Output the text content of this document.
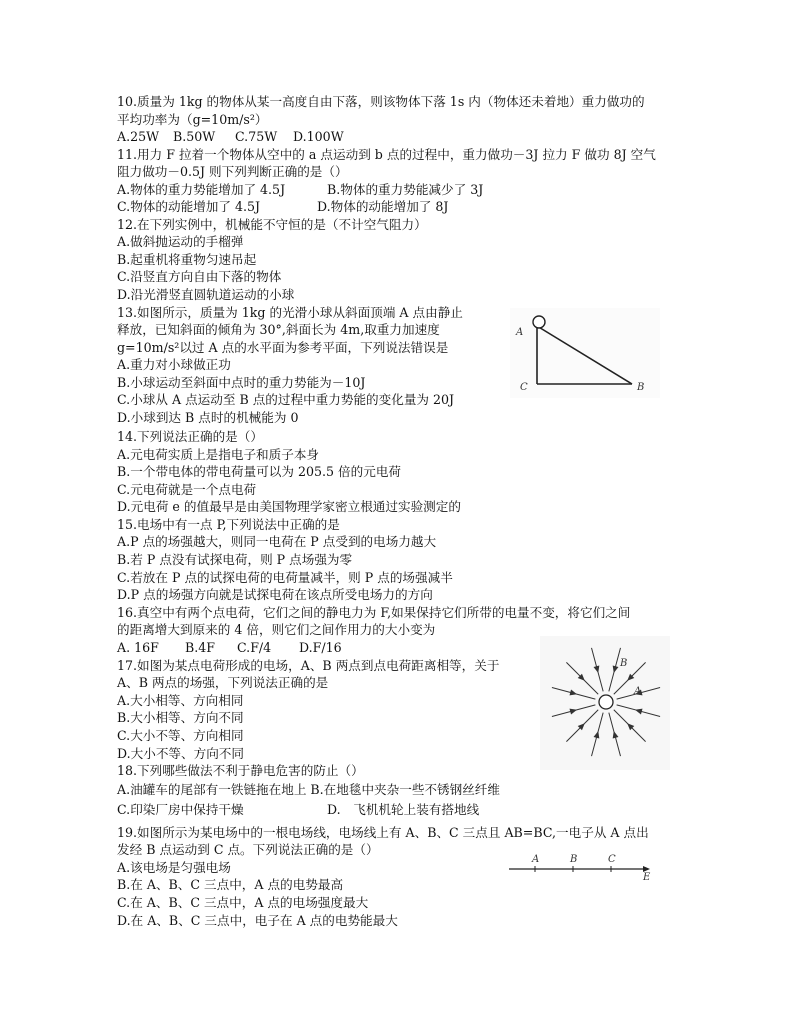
10.质量为 1kg 的物体从某一高度自由下落，则该物体下落 1s 内（物体还未着地）重力做功的
平均功率为（g=10m/s²）
A.25W B.50W C.75W D.100W
11.用力 F 拉着一个物体从空中的 a 点运动到 b 点的过程中，重力做功－3J 拉力 F 做功 8J 空气
阻力做功－0.5J 则下列判断正确的是（）
A.物体的重力势能增加了 4.5J	B.物体的重力势能减少了 3J
C.物体的动能增加了 4.5J	D.物体的动能增加了 8J
12.在下列实例中，机械能不守恒的是（不计空气阻力）
A.做斜抛运动的手榴弹
B.起重机将重物匀速吊起
C.沿竖直方向自由下落的物体
D.沿光滑竖直圆轨道运动的小球
13.如图所示，质量为 1kg 的光滑小球从斜面顶端 A 点由静止
释放，已知斜面的倾角为 30°,斜面长为 4m,取重力加速度
g=10m/s²以过 A 点的水平面为参考平面，下列说法错误是
A.重力对小球做正功
B.小球运动至斜面中点时的重力势能为－10J
C.小球从 A 点运动至 B 点的过程中重力势能的变化量为 20J
D.小球到达 B 点时的机械能为 0
A
C	B
14.下列说法正确的是（）
A.元电荷实质上是指电子和质子本身
B.一个带电体的带电荷量可以为 205.5 倍的元电荷
C.元电荷就是一个点电荷
D.元电荷 e 的值最早是由美国物理学家密立根通过实验测定的
15.电场中有一点 P,下列说法中正确的是
A.P 点的场强越大，则同一电荷在 P 点受到的电场力越大
B.若 P 点没有试探电荷，则 P 点场强为零
C.若放在 P 点的试探电荷的电荷量减半，则 P 点的场强减半
D.P 点的场强方向就是试探电荷在该点所受电场力的方向
16.真空中有两个点电荷，它们之间的静电力为 F,如果保持它们所带的电量不变，将它们之间
的距离增大到原来的 4 倍，则它们之间作用力的大小变为
A. 16F B.4F C.F/4 D.F/16
17.如图为某点电荷形成的电场，A、B 两点到点电荷距离相等，关于
A、B 两点的场强，下列说法正确的是
A.大小相等、方向相同
B.大小相等、方向不同
C.大小不等、方向相同
D.大小不等、方向不同
B
A
18.下列哪些做法不利于静电危害的防止（）
A.油罐车的尾部有一铁链拖在地上 B.在地毯中夹杂一些不锈钢丝纤维
C.印染厂房中保持干燥	D.　飞机机轮上装有搭地线
19.如图所示为某电场中的一根电场线，电场线上有 A、B、C 三点且 AB=BC,一电子从 A 点出
发经 B 点运动到 C 点。下列说法正确的是（）
A.该电场是匀强电场
B.在 A、B、C 三点中，A 点的电势最高
C.在 A、B、C 三点中，A 点的电场强度最大
D.在 A、B、C 三点中，电子在 A 点的电势能最大
A	B	C
E
